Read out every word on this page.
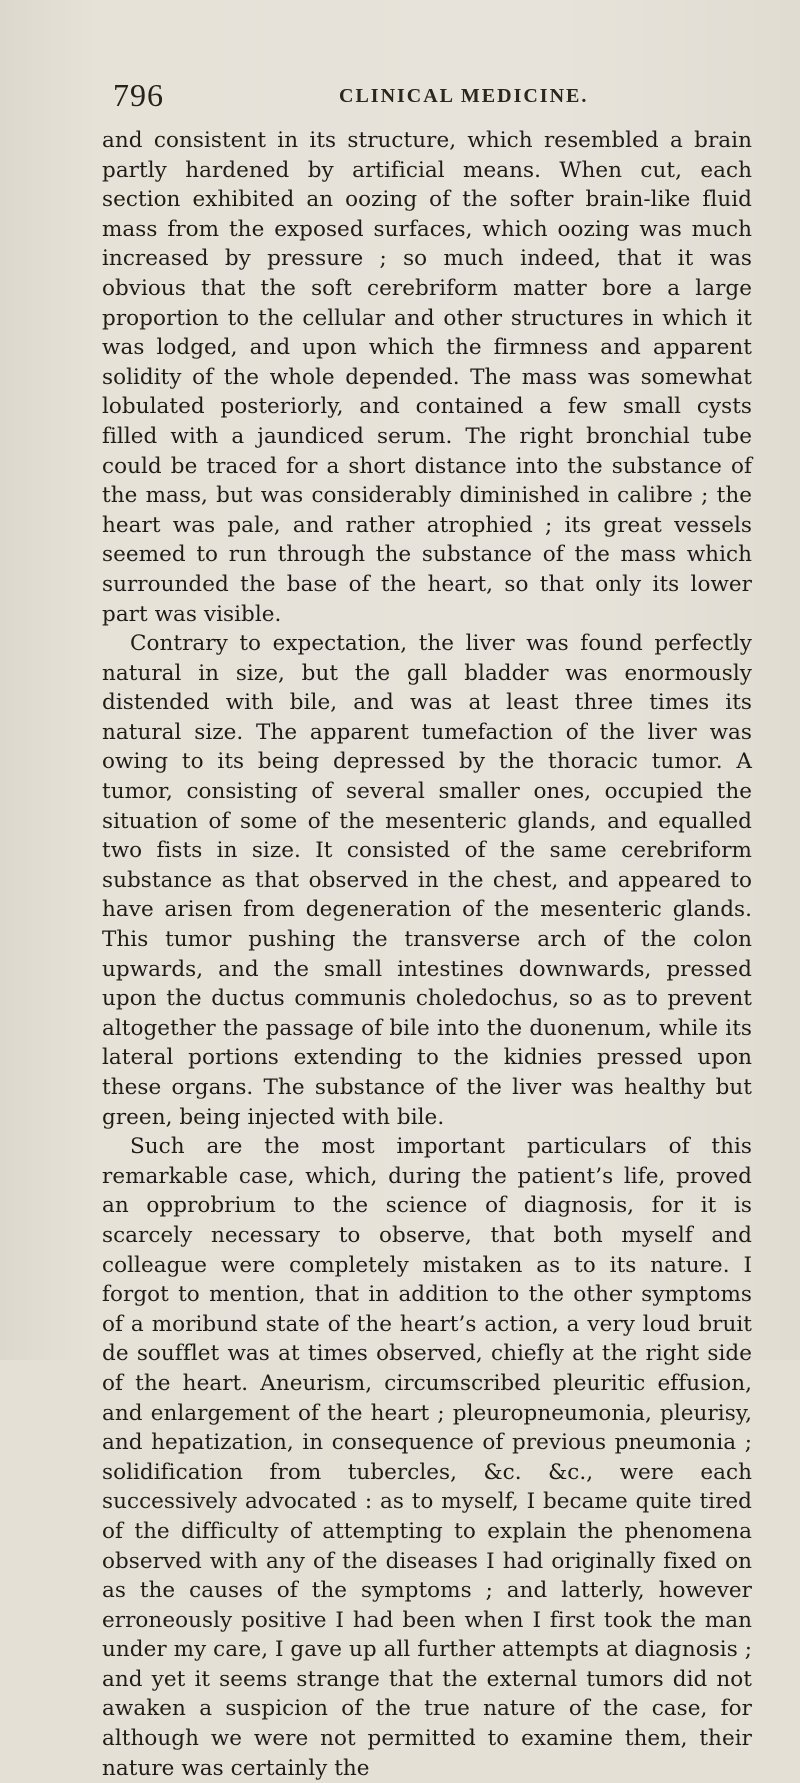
796	CLINICAL MEDICINE.

and consistent in its structure, which resembled a brain partly hardened by artificial means. When cut, each section exhibited an oozing of the softer brain-like fluid mass from the exposed surfaces, which oozing was much increased by pressure ; so much indeed, that it was obvious that the soft cerebriform matter bore a large proportion to the cellular and other structures in which it was lodged, and upon which the firmness and apparent solidity of the whole depended. The mass was somewhat lobulated posteriorly, and contained a few small cysts filled with a jaundiced serum. The right bronchial tube could be traced for a short distance into the substance of the mass, but was considerably diminished in calibre ; the heart was pale, and rather atrophied ; its great vessels seemed to run through the substance of the mass which surrounded the base of the heart, so that only its lower part was visible.

Contrary to expectation, the liver was found perfectly natural in size, but the gall bladder was enormously distended with bile, and was at least three times its natural size. The apparent tumefaction of the liver was owing to its being depressed by the thoracic tumor. A tumor, consisting of several smaller ones, occupied the situation of some of the mesenteric glands, and equalled two fists in size. It consisted of the same cerebriform substance as that observed in the chest, and appeared to have arisen from degeneration of the mesenteric glands. This tumor pushing the transverse arch of the colon upwards, and the small intestines downwards, pressed upon the ductus communis choledochus, so as to prevent altogether the passage of bile into the duonenum, while its lateral portions extending to the kidnies pressed upon these organs. The substance of the liver was healthy but green, being injected with bile.

Such are the most important particulars of this remarkable case, which, during the patient’s life, proved an opprobrium to the science of diagnosis, for it is scarcely necessary to observe, that both myself and colleague were completely mistaken as to its nature. I forgot to mention, that in addition to the other symptoms of a moribund state of the heart’s action, a very loud bruit de soufflet was at times observed, chiefly at the right side of the heart. Aneurism, circumscribed pleuritic effusion, and enlargement of the heart ; pleuropneumonia, pleurisy, and hepatization, in consequence of previous pneumonia ; solidification from tubercles, &c. &c., were each successively advocated : as to myself, I became quite tired of the difficulty of attempting to explain the phenomena observed with any of the diseases I had originally fixed on as the causes of the symptoms ; and latterly, however erroneously positive I had been when I first took the man under my care, I gave up all further attempts at diagnosis ; and yet it seems strange that the external tumors did not awaken a suspicion of the true nature of the case, for although we were not permitted to examine them, their nature was certainly the
